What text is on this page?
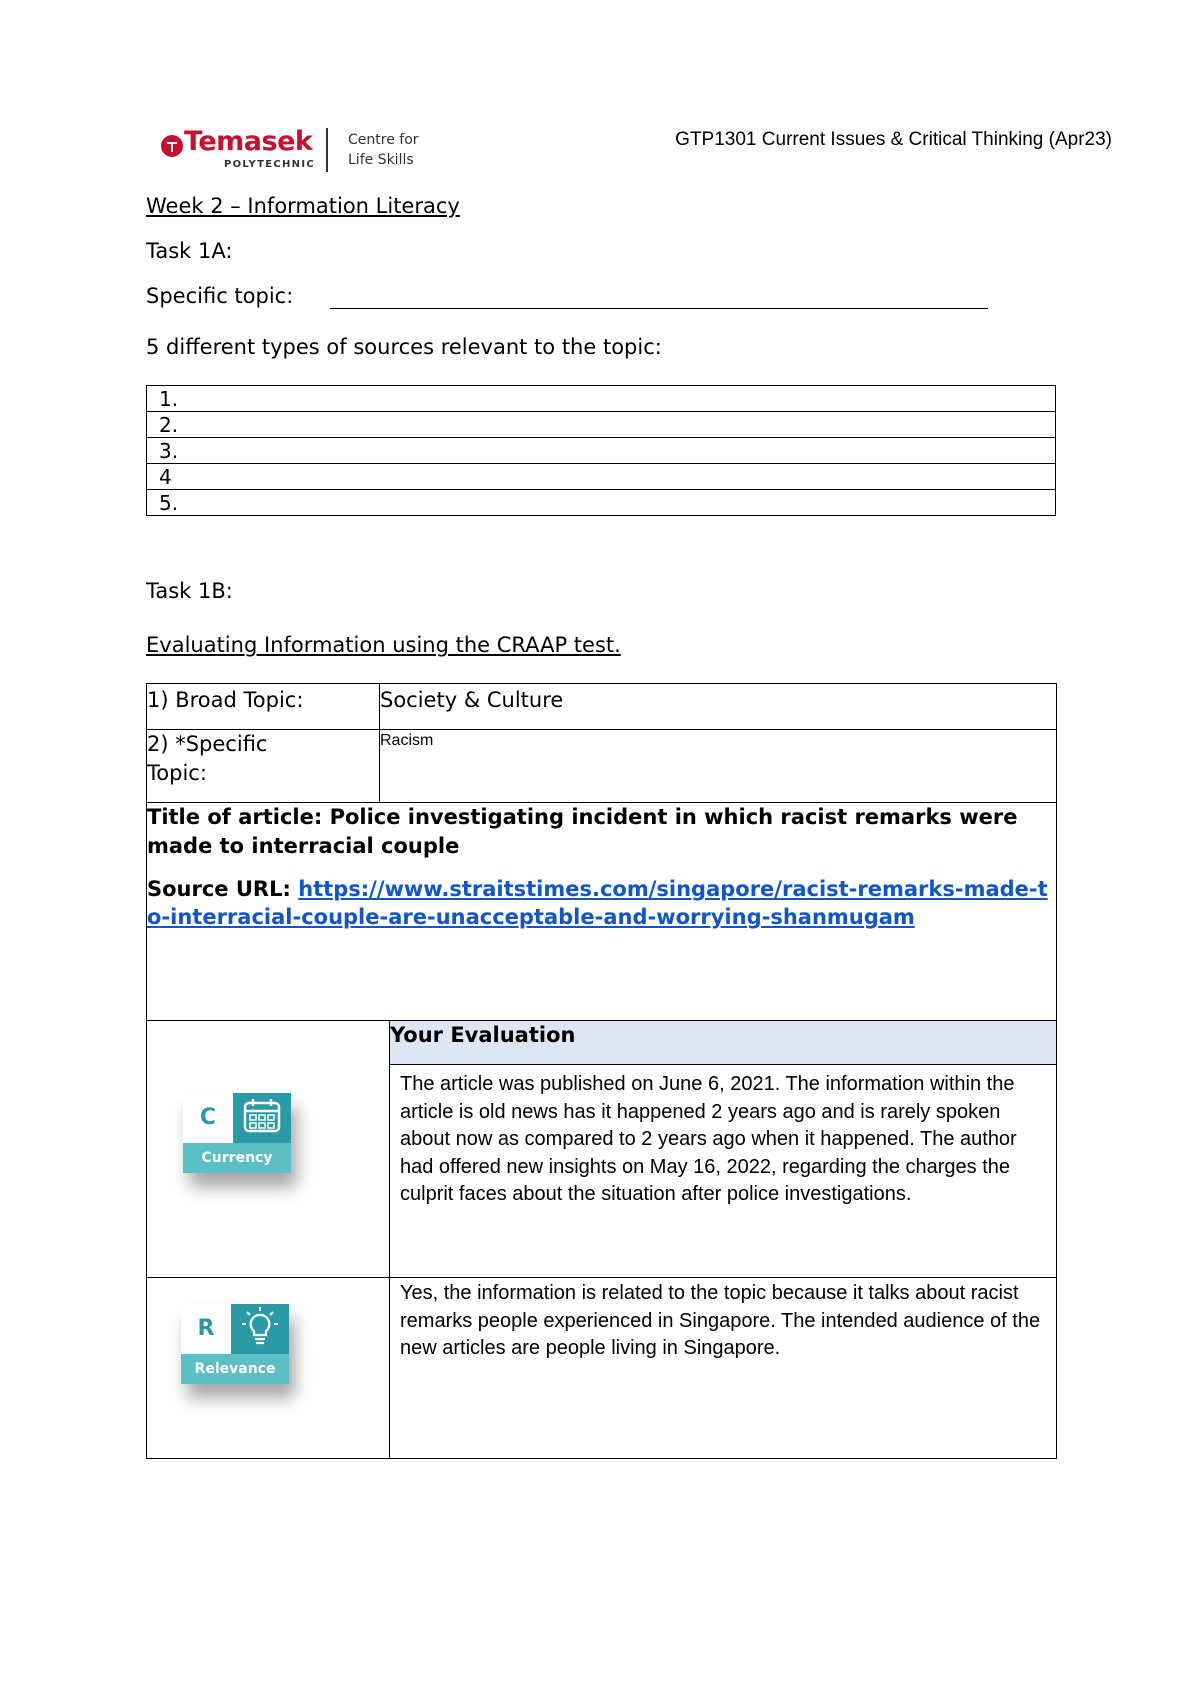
Temasek
POLYTECHNIC
Centre for
Life Skills
GTP1301 Current Issues & Critical Thinking (Apr23)
Week 2 – Information Literacy
Task 1A:
Specific topic:
5 different types of sources relevant to the topic:
1.
2.
3.
4
5.
Task 1B:
Evaluating Information using the CRAAP test.
1) Broad Topic:	Society & Culture	

2) *Specific
Topic:	Racism	

Title of article: Police investigating incident in which racist remarks were made to interracial couple
Source URL: https://www.straitstimes.com/singapore/racist-remarks-made-to-interracial-couple-are-unacceptable-and-worrying-shanmugam		

C
Currency		Your Evaluation

		The article was published on June 6, 2021. The information within the article is old news has it happened 2 years ago and is rarely spoken about now as compared to 2 years ago when it happened. The author had offered new insights on May 16, 2022, regarding the charges the culprit faces about the situation after police investigations.

R
Relevance		Yes, the information is related to the topic because it talks about racist remarks people experienced in Singapore. The intended audience of the new articles are people living in Singapore.
